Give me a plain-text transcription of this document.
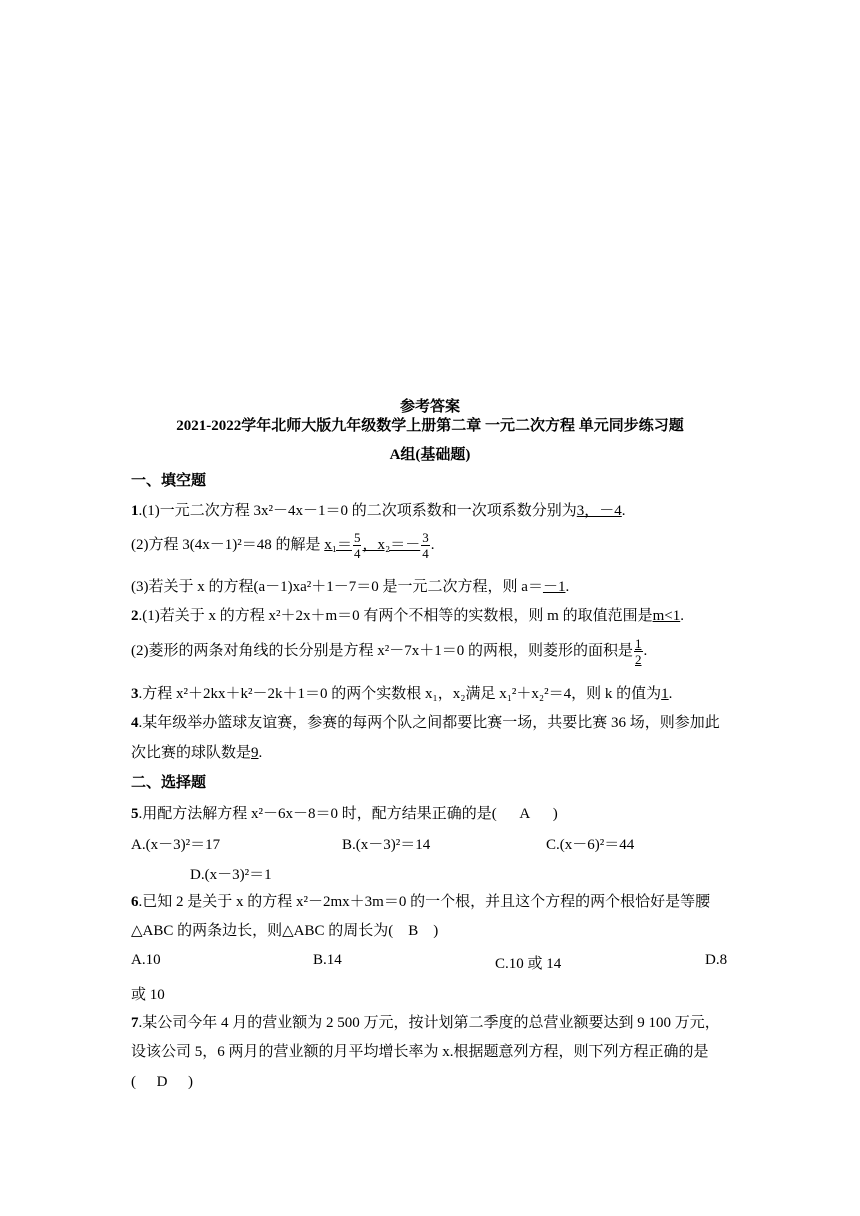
参考答案
2021-2022学年北师大版九年级数学上册第二章 一元二次方程 单元同步练习题
A组(基础题)
一、填空题
1.(1)一元二次方程 3x²－4x－1＝0 的二次项系数和一次项系数分别为3，－4.
(2)方程 3(4x－1)²＝48 的解是 $x_1= \frac{5}{4}$ ，$x_2=- \frac{3}{4}$ .
(3)若关于 x 的方程(a－1)xa²＋1－7＝0 是一元二次方程，则 a＝－1.
2.(1)若关于 x 的方程 x²＋2x＋m＝0 有两个不相等的实数根，则 m 的取值范围是m<1.
(2)菱形的两条对角线的长分别是方程 x²－7x＋1＝0 的两根，则菱形的面积是 $\frac{1}{2}$ .
3.方程 x²＋2kx＋k²－2k＋1＝0 的两个实数根 x₁，x₂满足 x₁²＋x₂²＝4，则 k 的值为1.
4.某年级举办篮球友谊赛，参赛的每两个队之间都要比赛一场，共要比赛 36 场，则参加此
次比赛的球队数是9.
二、选择题
5.用配方法解方程 x²－6x－8＝0 时，配方结果正确的是( A )
A.(x－3)²＝17	B.(x－3)²＝14	C.(x－6)²＝44
D.(x－3)²＝1
6.已知 2 是关于 x 的方程 x²－2mx＋3m＝0 的一个根，并且这个方程的两个根恰好是等腰
△ABC 的两条边长，则△ABC 的周长为( B )
A.10	B.14	C.10 或 14	D.8
或 10
7.某公司今年 4 月的营业额为 2 500 万元，按计划第二季度的总营业额要达到 9 100 万元，
设该公司 5，6 两月的营业额的月平均增长率为 x.根据题意列方程，则下列方程正确的是
( D )
